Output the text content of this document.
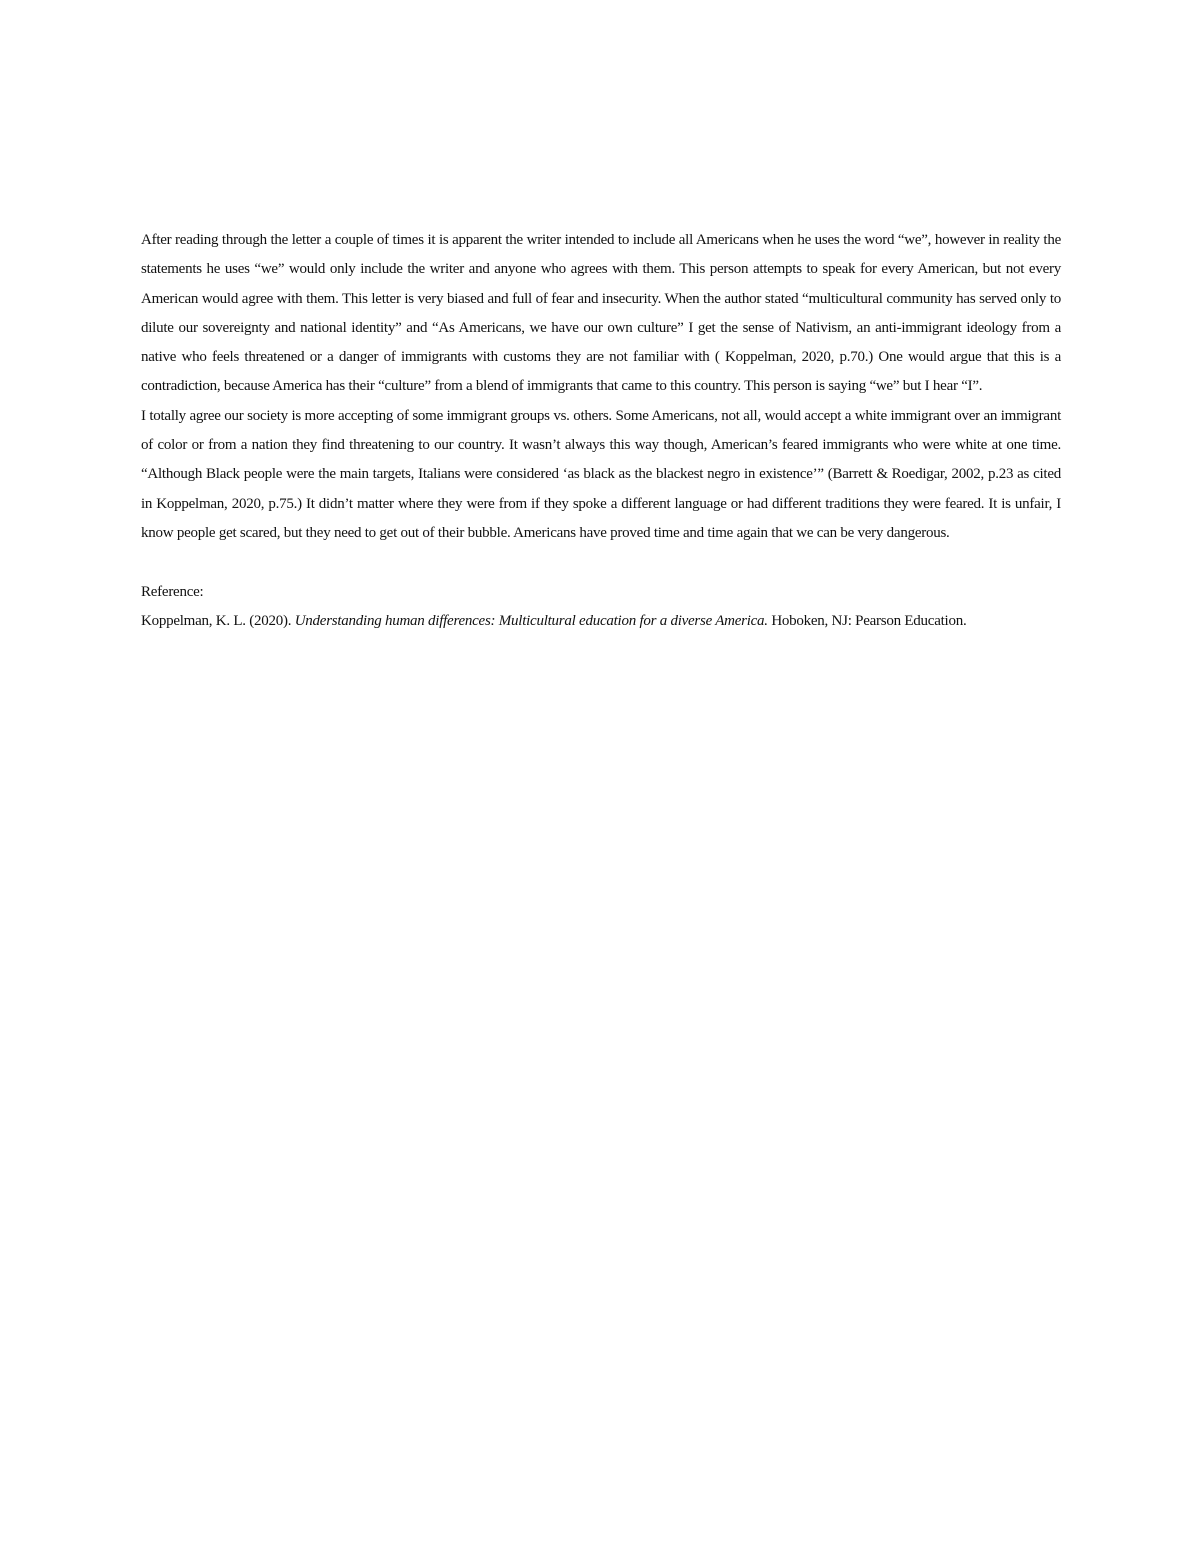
After reading through the letter a couple of times it is apparent the writer intended to include all Americans when he uses the word “we”, however in reality the statements he uses “we” would only include the writer and anyone who agrees with them. This person attempts to speak for every American, but not every American would agree with them. This letter is very biased and full of fear and insecurity. When the author stated “multicultural community has served only to dilute our sovereignty and national identity” and “As Americans, we have our own culture” I get the sense of Nativism, an anti-immigrant ideology from a native who feels threatened or a danger of immigrants with customs they are not familiar with ( Koppelman, 2020, p.70.) One would argue that this is a contradiction, because America has their “culture” from a blend of immigrants that came to this country. This person is saying “we” but I hear “I”.

I totally agree our society is more accepting of some immigrant groups vs. others. Some Americans, not all, would accept a white immigrant over an immigrant of color or from a nation they find threatening to our country. It wasn’t always this way though, American’s feared immigrants who were white at one time. “Although Black people were the main targets, Italians were considered ‘as black as the blackest negro in existence’” (Barrett & Roedigar, 2002, p.23 as cited in Koppelman, 2020, p.75.) It didn’t matter where they were from if they spoke a different language or had different traditions they were feared. It is unfair, I know people get scared, but they need to get out of their bubble. Americans have proved time and time again that we can be very dangerous.

Reference:

Koppelman, K. L. (2020). Understanding human differences: Multicultural education for a diverse America. Hoboken, NJ: Pearson Education.
